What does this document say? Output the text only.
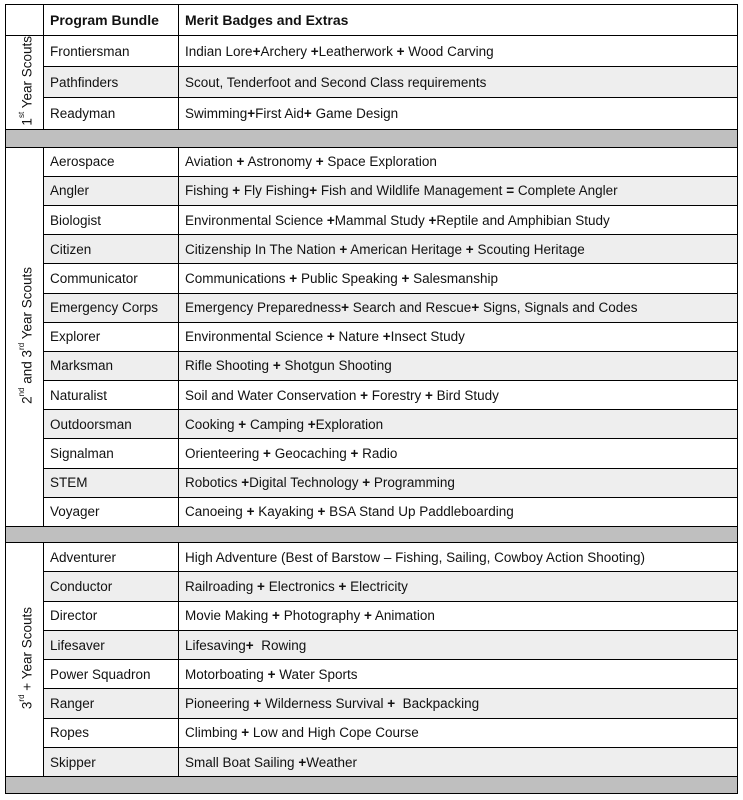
	Program Bundle	Merit Badges and Extras
1st Year Scouts	Frontiersman	Indian Lore+Archery +Leatherwork + Wood Carving
	Pathfinders	Scout, Tenderfoot and Second Class requirements
	Readyman	Swimming+First Aid+ Game Design

2nd and 3rd Year Scouts	Aerospace	Aviation + Astronomy + Space Exploration
	Angler	Fishing + Fly Fishing+ Fish and Wildlife Management = Complete Angler
	Biologist	Environmental Science +Mammal Study +Reptile and Amphibian Study
	Citizen	Citizenship In The Nation + American Heritage + Scouting Heritage
	Communicator	Communications + Public Speaking + Salesmanship
	Emergency Corps	Emergency Preparedness+ Search and Rescue+ Signs, Signals and Codes
	Explorer	Environmental Science + Nature +Insect Study
	Marksman	Rifle Shooting + Shotgun Shooting
	Naturalist	Soil and Water Conservation + Forestry + Bird Study
	Outdoorsman	Cooking + Camping +Exploration
	Signalman	Orienteering + Geocaching + Radio
	STEM	Robotics +Digital Technology + Programming
	Voyager	Canoeing + Kayaking + BSA Stand Up Paddleboarding

3rd + Year Scouts	Adventurer	High Adventure (Best of Barstow – Fishing, Sailing, Cowboy Action Shooting)
	Conductor	Railroading + Electronics + Electricity
	Director	Movie Making + Photography + Animation
	Lifesaver	Lifesaving+  Rowing
	Power Squadron	Motorboating + Water Sports
	Ranger	Pioneering + Wilderness Survival +  Backpacking
	Ropes	Climbing + Low and High Cope Course
	Skipper	Small Boat Sailing +Weather
